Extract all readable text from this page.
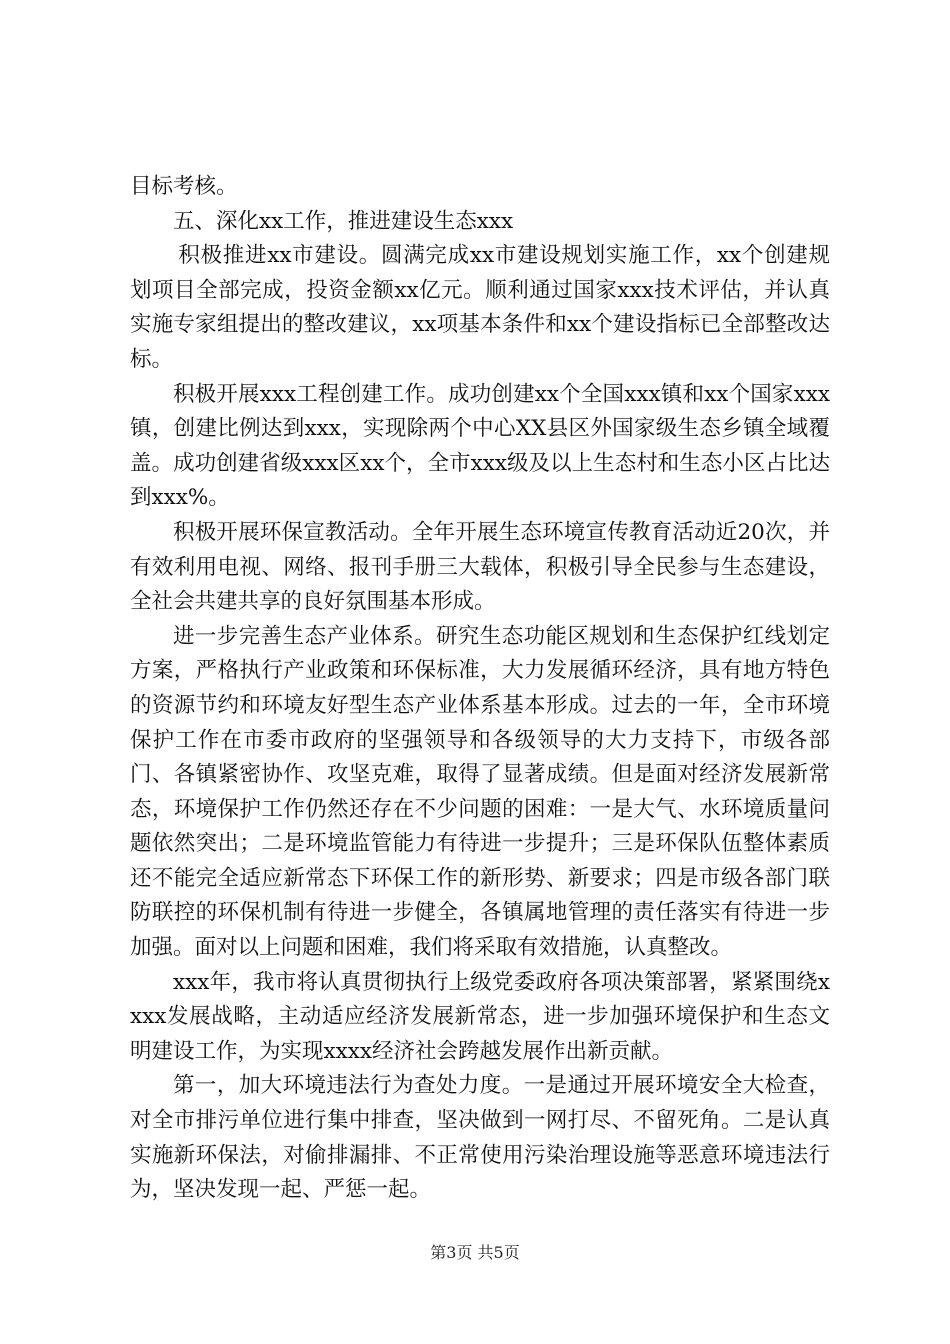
目标考核。

五、深化xx工作，推进建设生态xxx

积极推进xx市建设。圆满完成xx市建设规划实施工作，xx个创建规划项目全部完成，投资金额xx亿元。顺利通过国家xxx技术评估，并认真实施专家组提出的整改建议，xx项基本条件和xx个建设指标已全部整改达标。

积极开展xxx工程创建工作。成功创建xx个全国xxx镇和xx个国家xxx镇，创建比例达到xxx，实现除两个中心XX县区外国家级生态乡镇全域覆盖。成功创建省级xxx区xx个，全市xxx级及以上生态村和生态小区占比达到xxx%。

积极开展环保宣教活动。全年开展生态环境宣传教育活动近20次，并有效利用电视、网络、报刊手册三大载体，积极引导全民参与生态建设，全社会共建共享的良好氛围基本形成。

进一步完善生态产业体系。研究生态功能区规划和生态保护红线划定方案，严格执行产业政策和环保标准，大力发展循环经济，具有地方特色的资源节约和环境友好型生态产业体系基本形成。过去的一年，全市环境保护工作在市委市政府的坚强领导和各级领导的大力支持下，市级各部门、各镇紧密协作、攻坚克难，取得了显著成绩。但是面对经济发展新常态，环境保护工作仍然还存在不少问题的困难：一是大气、水环境质量问题依然突出；二是环境监管能力有待进一步提升；三是环保队伍整体素质还不能完全适应新常态下环保工作的新形势、新要求；四是市级各部门联防联控的环保机制有待进一步健全，各镇属地管理的责任落实有待进一步加强。面对以上问题和困难，我们将采取有效措施，认真整改。

xxx年，我市将认真贯彻执行上级党委政府各项决策部署，紧紧围绕xxxx发展战略，主动适应经济发展新常态，进一步加强环境保护和生态文明建设工作，为实现xxxx经济社会跨越发展作出新贡献。

第一，加大环境违法行为查处力度。一是通过开展环境安全大检查，对全市排污单位进行集中排查，坚决做到一网打尽、不留死角。二是认真实施新环保法，对偷排漏排、不正常使用污染治理设施等恶意环境违法行为，坚决发现一起、严惩一起。

第3页 共5页
